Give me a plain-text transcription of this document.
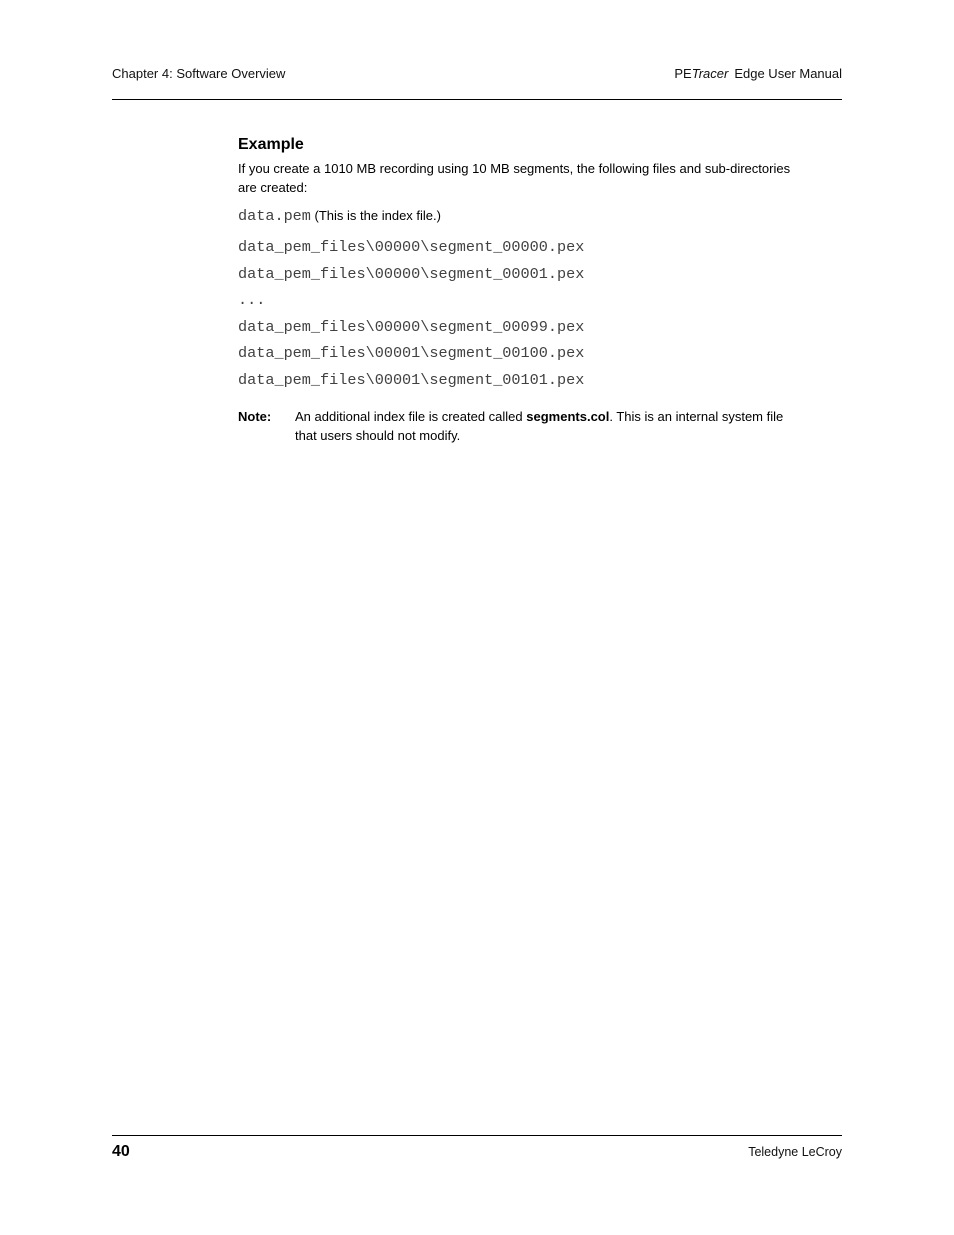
Chapter 4: Software Overview	PETracer Edge User Manual
Example

If you create a 1010 MB recording using 10 MB segments, the following files and sub-directories are created:

data.pem (This is the index file.)

data_pem_files\00000\segment_00000.pex
data_pem_files\00000\segment_00001.pex
...
data_pem_files\00000\segment_00099.pex
data_pem_files\00001\segment_00100.pex
data_pem_files\00001\segment_00101.pex
Note:	An additional index file is created called segments.col. This is an internal system file that users should not modify.

40	Teledyne LeCroy
